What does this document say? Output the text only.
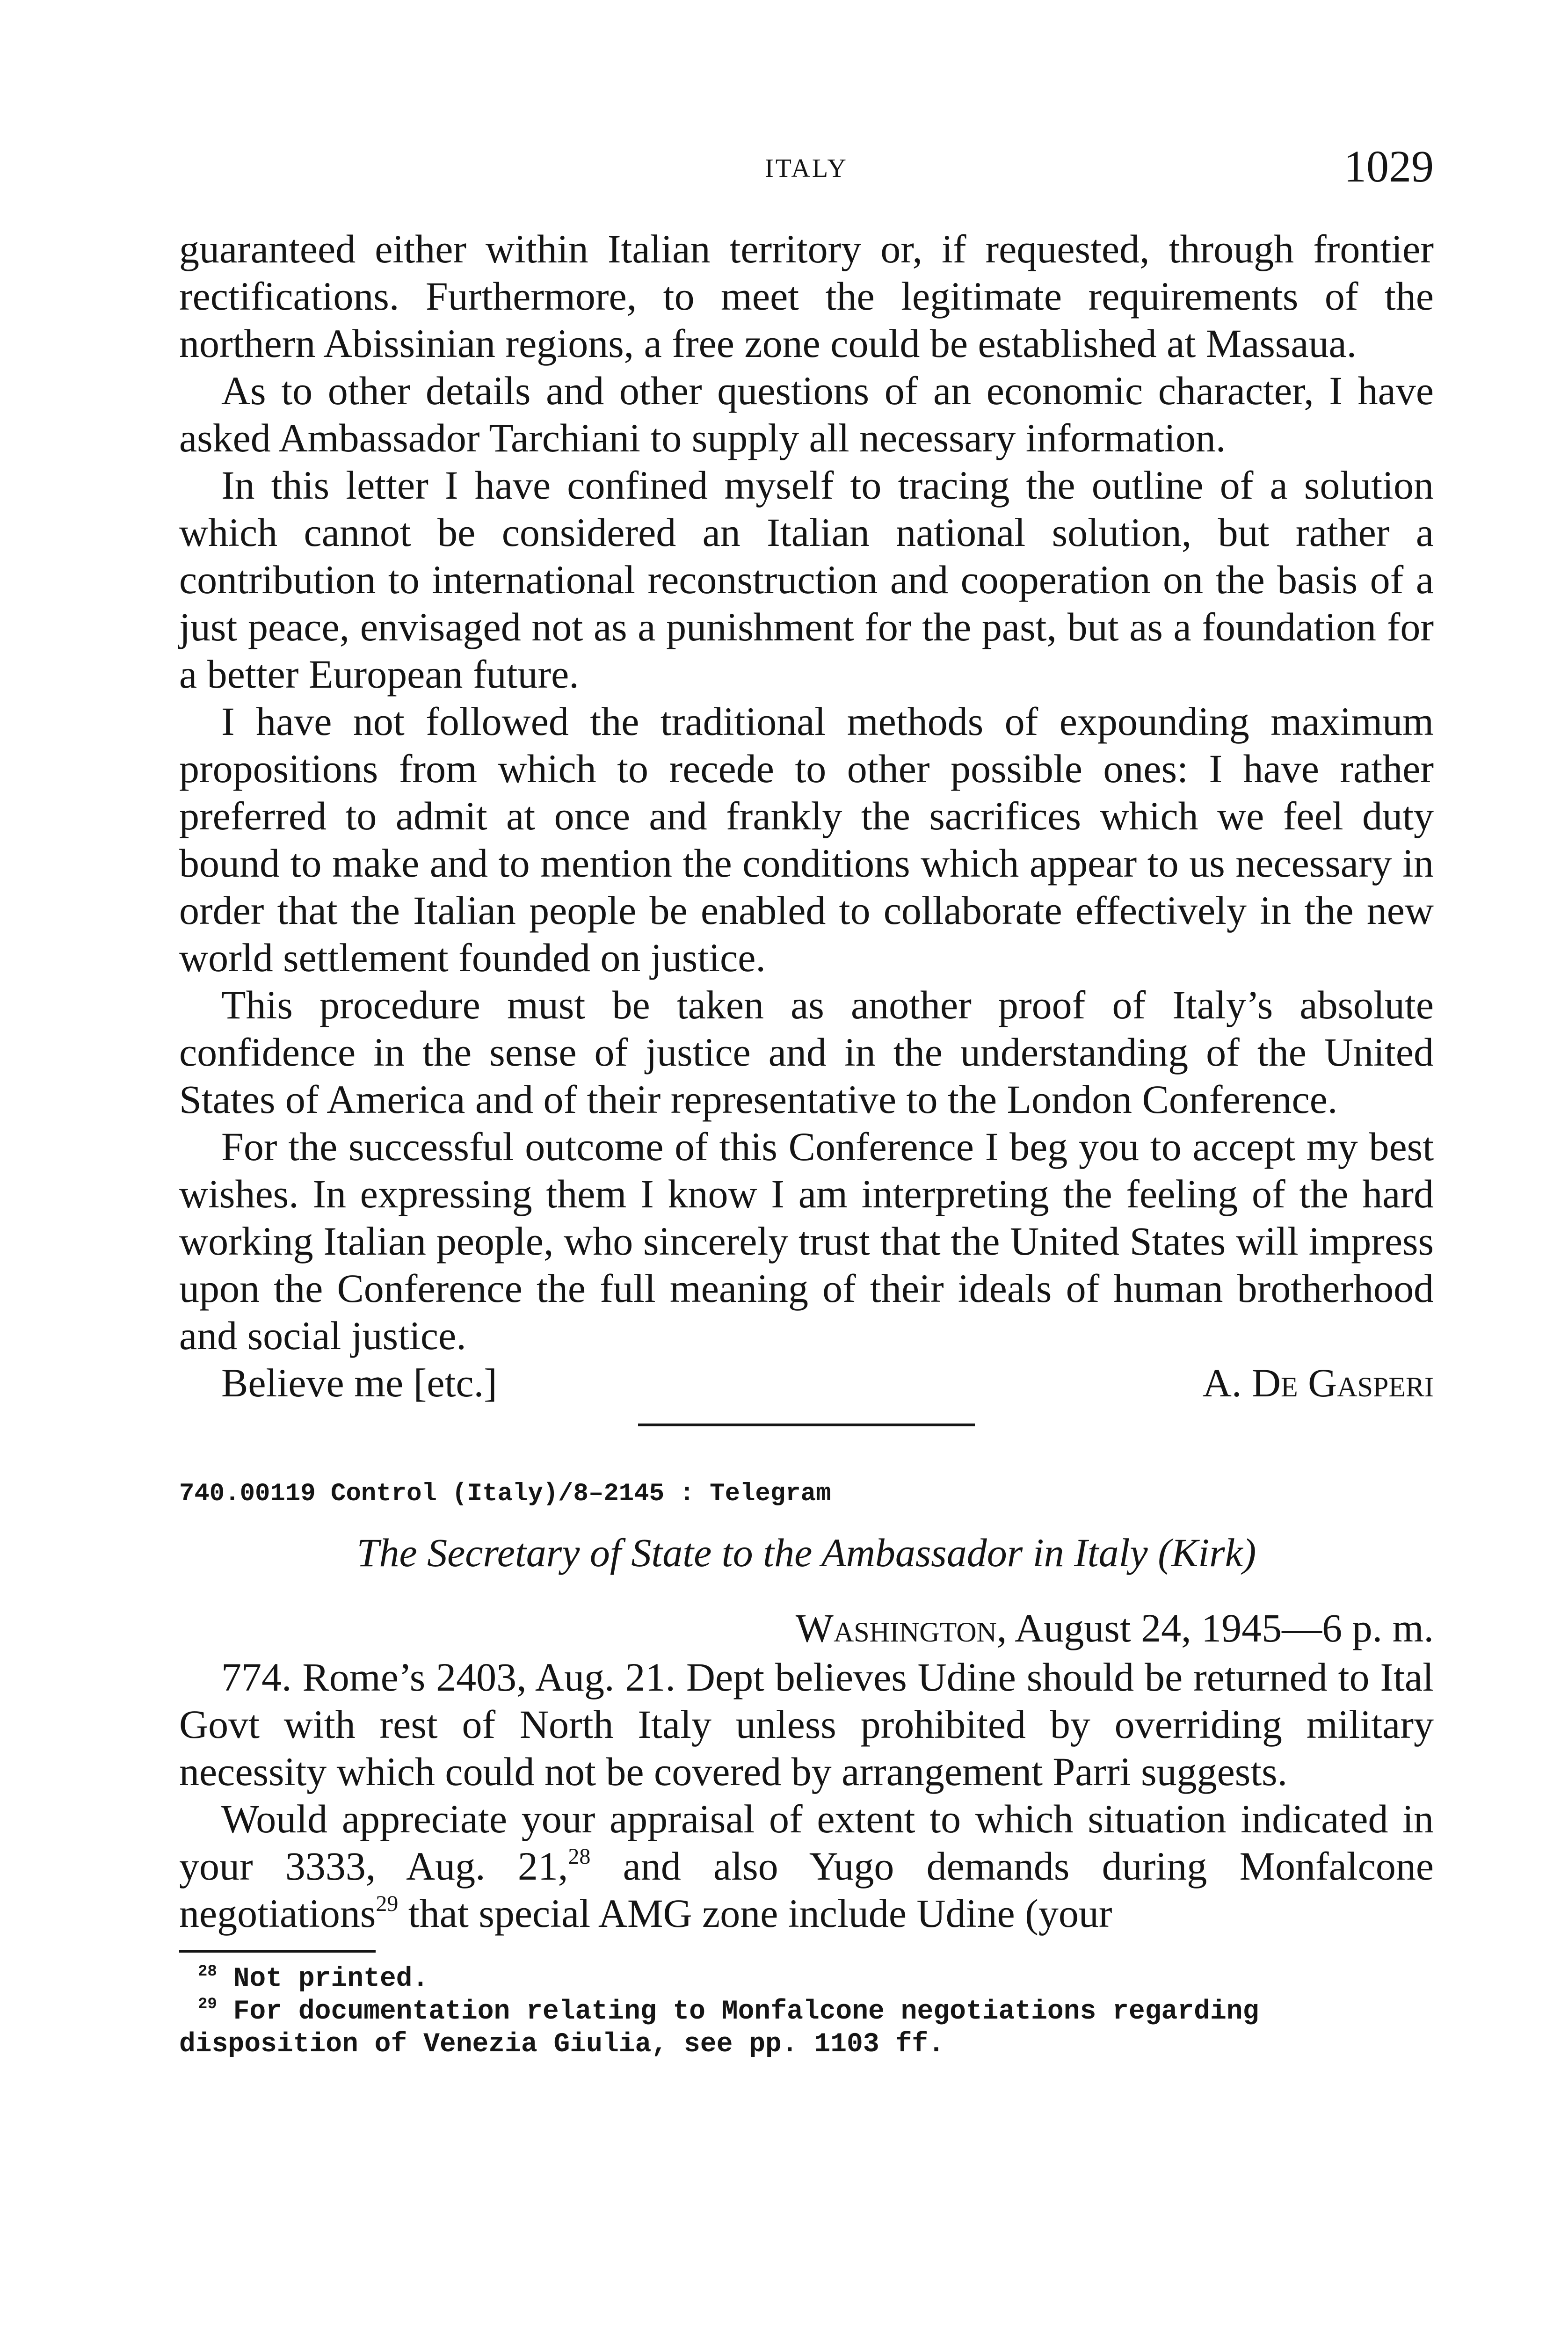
ITALY	1029

guaranteed either within Italian territory or, if requested, through frontier rectifications. Furthermore, to meet the legitimate requirements of the northern Abissinian regions, a free zone could be established at Massaua.

As to other details and other questions of an economic character, I have asked Ambassador Tarchiani to supply all necessary information.

In this letter I have confined myself to tracing the outline of a solution which cannot be considered an Italian national solution, but rather a contribution to international reconstruction and cooperation on the basis of a just peace, envisaged not as a punishment for the past, but as a foundation for a better European future.

I have not followed the traditional methods of expounding maximum propositions from which to recede to other possible ones: I have rather preferred to admit at once and frankly the sacrifices which we feel duty bound to make and to mention the conditions which appear to us necessary in order that the Italian people be enabled to collaborate effectively in the new world settlement founded on justice.

This procedure must be taken as another proof of Italy’s absolute confidence in the sense of justice and in the understanding of the United States of America and of their representative to the London Conference.

For the successful outcome of this Conference I beg you to accept my best wishes. In expressing them I know I am interpreting the feeling of the hard working Italian people, who sincerely trust that the United States will impress upon the Conference the full meaning of their ideals of human brotherhood and social justice.

Believe me [etc.]	A. De Gasperi
740.00119 Control (Italy)/8–2145 : Telegram
The Secretary of State to the Ambassador in Italy (Kirk)
Washington, August 24, 1945—6 p. m.

774. Rome’s 2403, Aug. 21. Dept believes Udine should be returned to Ital Govt with rest of North Italy unless prohibited by overriding military necessity which could not be covered by arrangement Parri suggests.

Would appreciate your appraisal of extent to which situation indicated in your 3333, Aug. 21,28 and also Yugo demands during Monfalcone negotiations$^{29}$ that special AMG zone include Udine (your

$^{28}$ Not printed.

$^{29}$ For documentation relating to Monfalcone negotiations regarding disposition of Venezia Giulia, see pp. 1103 ff.
